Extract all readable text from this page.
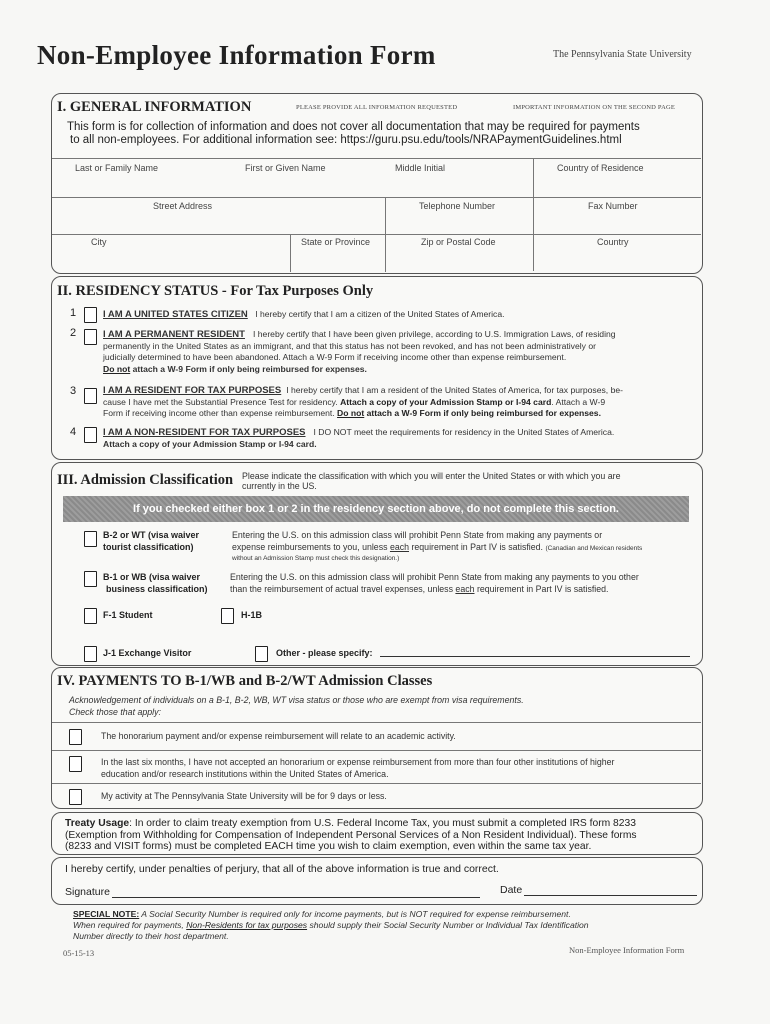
Non-Employee Information Form	The Pennsylvania State University
I. GENERAL INFORMATION	PLEASE PROVIDE ALL INFORMATION REQUESTED	IMPORTANT INFORMATION ON THE SECOND PAGE
This form is for collection of information and does not cover all documentation that may be required for payments
to all non-employees. For additional information see: https://guru.psu.edu/tools/NRAPaymentGuidelines.html
Last or Family Name	First or Given Name	Middle Initial	Country of Residence
Street Address	Telephone Number	Fax Number
City	State or Province	Zip or Postal Code	Country
II. RESIDENCY STATUS - For Tax Purposes Only
1	I AM A UNITED STATES CITIZEN I hereby certify that I am a citizen of the United States of America.
2	I AM A PERMANENT RESIDENT I hereby certify that I have been given privilege, according to U.S. Immigration Laws, of residing
permanently in the United States as an immigrant, and that this status has not been revoked, and has not been administratively or
judicially determined to have been abandoned. Attach a W-9 Form if receiving income other than expense reimbursement.
Do not attach a W-9 Form if only being reimbursed for expenses.
3	I AM A RESIDENT FOR TAX PURPOSES I hereby certify that I am a resident of the United States of America, for tax purposes, be-
cause I have met the Substantial Presence Test for residency. Attach a copy of your Admission Stamp or I-94 card. Attach a W-9
Form if receiving income other than expense reimbursement. Do not attach a W-9 Form if only being reimbursed for expenses.
4	I AM A NON-RESIDENT FOR TAX PURPOSES I DO NOT meet the requirements for residency in the United States of America.
Attach a copy of your Admission Stamp or I-94 card.
III. Admission Classification Please indicate the classification with which you will enter the United States or with which you are
currently in the US.
If you checked either box 1 or 2 in the residency section above, do not complete this section.
B-2 or WT (visa waiver
tourist classification)
Entering the U.S. on this admission class will prohibit Penn State from making any payments or
expense reimbursements to you, unless each requirement in Part IV is satisfied. (Canadian and Mexican residents
without an Admission Stamp must check this designation.)
B-1 or WB (visa waiver
business classification)
Entering the U.S. on this admission class will prohibit Penn State from making any payments to you other
than the reimbursement of actual travel expenses, unless each requirement in Part IV is satisfied.
F-1 Student	H-1B
J-1 Exchange Visitor	Other - please specify:
IV. PAYMENTS TO B-1/WB and B-2/WT Admission Classes
Acknowledgement of individuals on a B-1, B-2, WB, WT visa status or those who are exempt from visa requirements.
Check those that apply:
The honorarium payment and/or expense reimbursement will relate to an academic activity.
In the last six months, I have not accepted an honorarium or expense reimbursement from more than four other institutions of higher
education and/or research institutions within the United States of America.
My activity at The Pennsylvania State University will be for 9 days or less.
Treaty Usage: In order to claim treaty exemption from U.S. Federal Income Tax, you must submit a completed IRS form 8233
(Exemption from Withholding for Compensation of Independent Personal Services of a Non Resident Individual). These forms
(8233 and VISIT forms) must be completed EACH time you wish to claim exemption, even within the same tax year.
I hereby certify, under penalties of perjury, that all of the above information is true and correct.
Signature	Date
SPECIAL NOTE: A Social Security Number is required only for income payments, but is NOT required for expense reimbursement.
When required for payments, Non-Residents for tax purposes should supply their Social Security Number or Individual Tax Identification
Number directly to their host department.
05-15-13	Non-Employee Information Form
